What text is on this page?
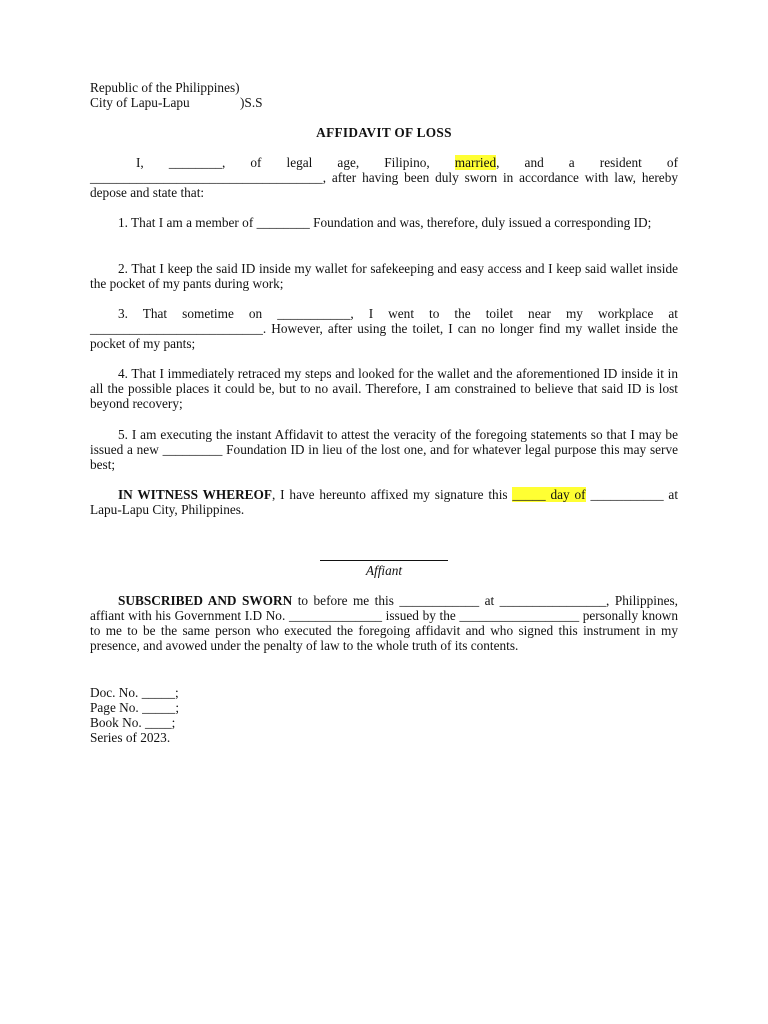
Republic of the Philippines)
City of Lapu-Lapu	)S.S
AFFIDAVIT OF LOSS
I, ________, of legal age, Filipino, married, and a resident of ___________________________________, after having been duly sworn in accordance with law, hereby depose and state that:
1. That I am a member of ________ Foundation and was, therefore, duly issued a corresponding ID;
2. That I keep the said ID inside my wallet for safekeeping and easy access and I keep said wallet inside the pocket of my pants during work;
3. That sometime on ___________, I went to the toilet near my workplace at __________________________. However, after using the toilet, I can no longer find my wallet inside the pocket of my pants;
4. That I immediately retraced my steps and looked for the wallet and the aforementioned ID inside it in all the possible places it could be, but to no avail. Therefore, I am constrained to believe that said ID is lost beyond recovery;
5. I am executing the instant Affidavit to attest the veracity of the foregoing statements so that I may be issued a new _________ Foundation ID in lieu of the lost one, and for whatever legal purpose this may serve best;
IN WITNESS WHEREOF, I have hereunto affixed my signature this _____ day of ___________ at Lapu-Lapu City, Philippines.
Affiant
SUBSCRIBED AND SWORN to before me this ____________ at ________________, Philippines, affiant with his Government I.D No. ______________ issued by the __________________ personally known to me to be the same person who executed the foregoing affidavit and who signed this instrument in my presence, and avowed under the penalty of law to the whole truth of its contents.
Doc. No. _____;
Page No. _____;
Book No. ____;
Series of 2023.
